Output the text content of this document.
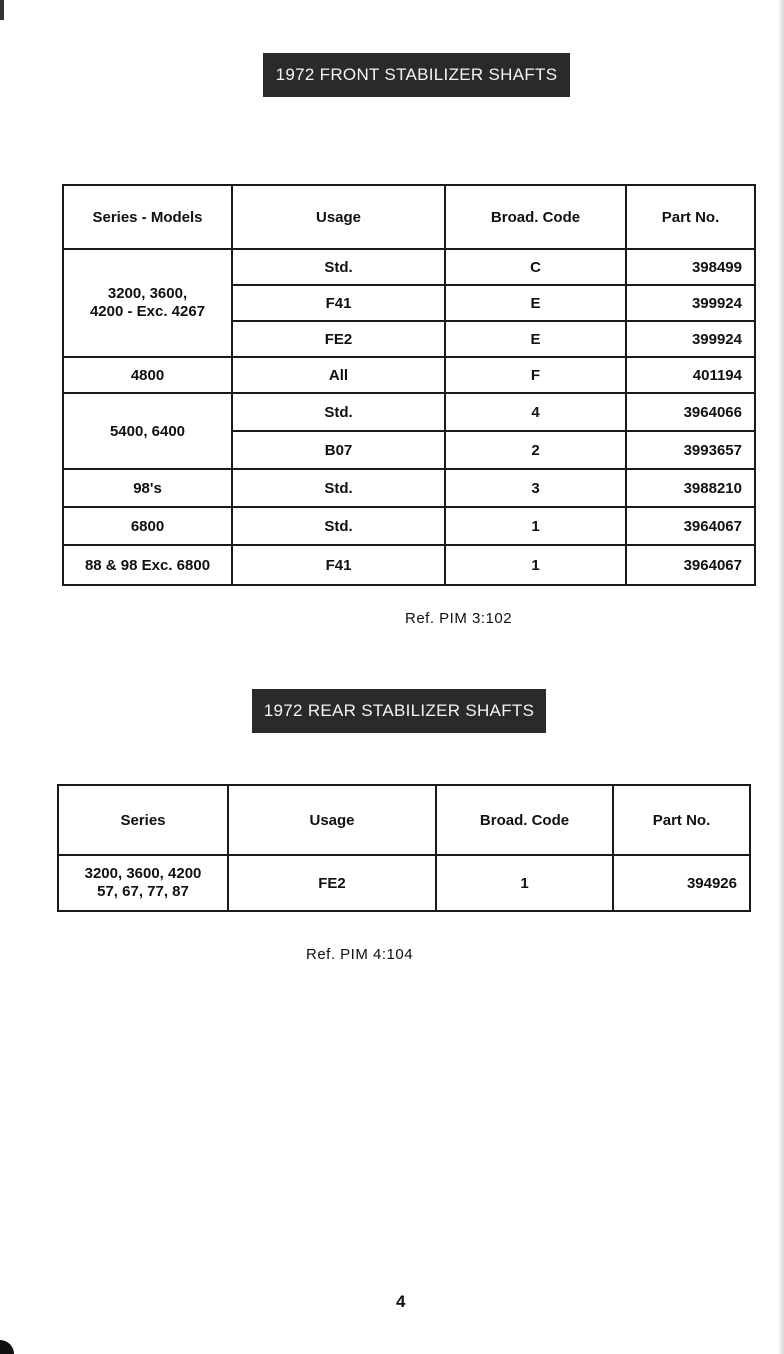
1972 FRONT STABILIZER SHAFTS
Series - Models	Usage	Broad. Code	Part No.

3200, 3600,
4200 - Exc. 4267	Std.	C	398499
	F41	E	399924
	FE2	E	399924
4800	All	F	401194
5400, 6400	Std.	4	3964066
	B07	2	3993657
98's	Std.	3	3988210
6800	Std.	1	3964067
88 & 98 Exc. 6800	F41	1	3964067
Ref. PIM 3:102
1972 REAR STABILIZER SHAFTS
Series	Usage	Broad. Code	Part No.

3200, 3600, 4200
57, 67, 77, 87	FE2	1	394926
Ref. PIM 4:104
4
